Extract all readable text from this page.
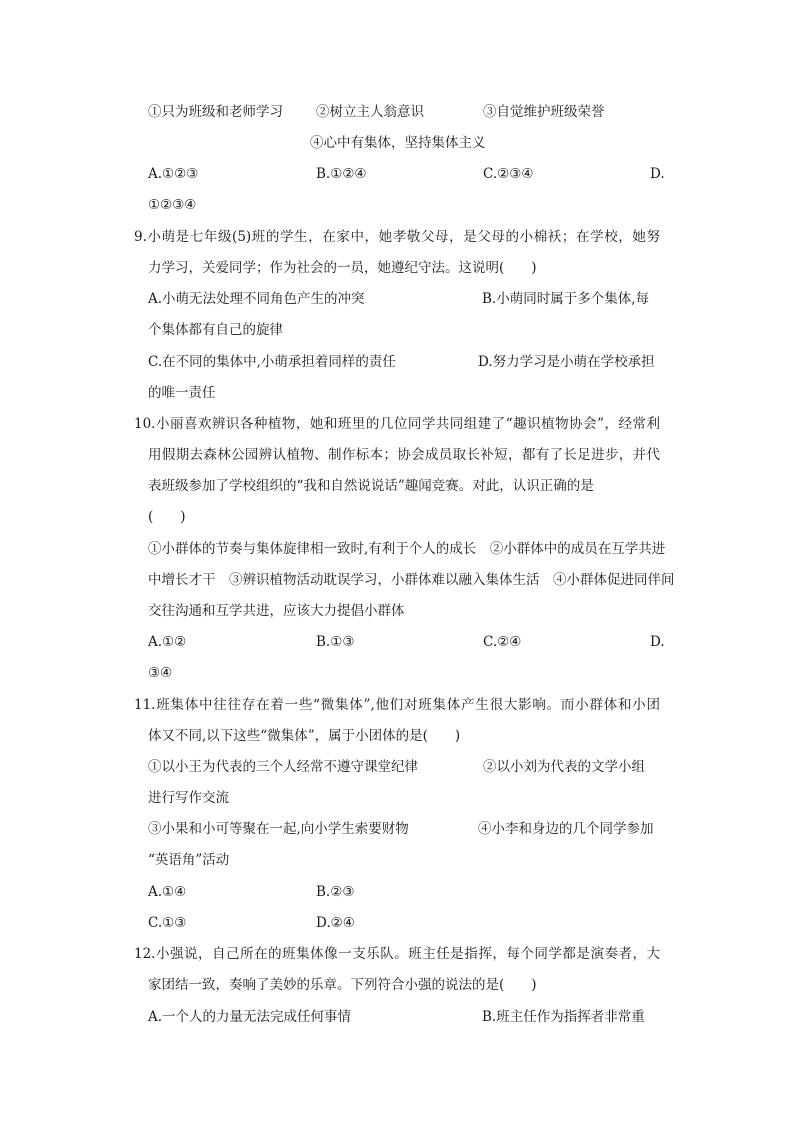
①只为班级和老师学习 ②树立主人翁意识	③自觉维护班级荣誉
④心中有集体，坚持集体主义
A.①②③	B.①②④	C.②③④	D.
①②③④
9.小萌是七年级(5)班的学生，在家中，她孝敬父母，是父母的小棉袄；在学校，她努
力学习，关爱同学；作为社会的一员，她遵纪守法。这说明(　　)
A.小萌无法处理不同角色产生的冲突	B.小萌同时属于多个集体,每
个集体都有自己的旋律
C.在不同的集体中,小萌承担着同样的责任	D.努力学习是小萌在学校承担
的唯一责任
10.小丽喜欢辨识各种植物，她和班里的几位同学共同组建了“趣识植物协会”，经常利
用假期去森林公园辨认植物、制作标本；协会成员取长补短，都有了长足进步，并代
表班级参加了学校组织的“我和自然说说话”趣闻竞赛。对此，认识正确的是
(　　)
①小群体的节奏与集体旋律相一致时,有利于个人的成长　②小群体中的成员在互学共进
中增长才干　③辨识植物活动耽误学习，小群体难以融入集体生活　④小群体促进同伴间
交往沟通和互学共进，应该大力提倡小群体
A.①②	B.①③	C.②④	D.
③④
11.班集体中往往存在着一些“微集体”,他们对班集体产生很大影响。而小群体和小团
体又不同,以下这些“微集体”，属于小团体的是(　　)
①以小王为代表的三个人经常不遵守课堂纪律	②以小刘为代表的文学小组
进行写作交流
③小果和小可等聚在一起,向小学生索要财物	④小李和身边的几个同学参加
“英语角”活动
A.①④	B.②③
C.①③	D.②④
12.小强说，自己所在的班集体像一支乐队。班主任是指挥，每个同学都是演奏者，大
家团结一致，奏响了美妙的乐章。下列符合小强的说法的是(　　)
A.一个人的力量无法完成任何事情	B.班主任作为指挥者非常重
